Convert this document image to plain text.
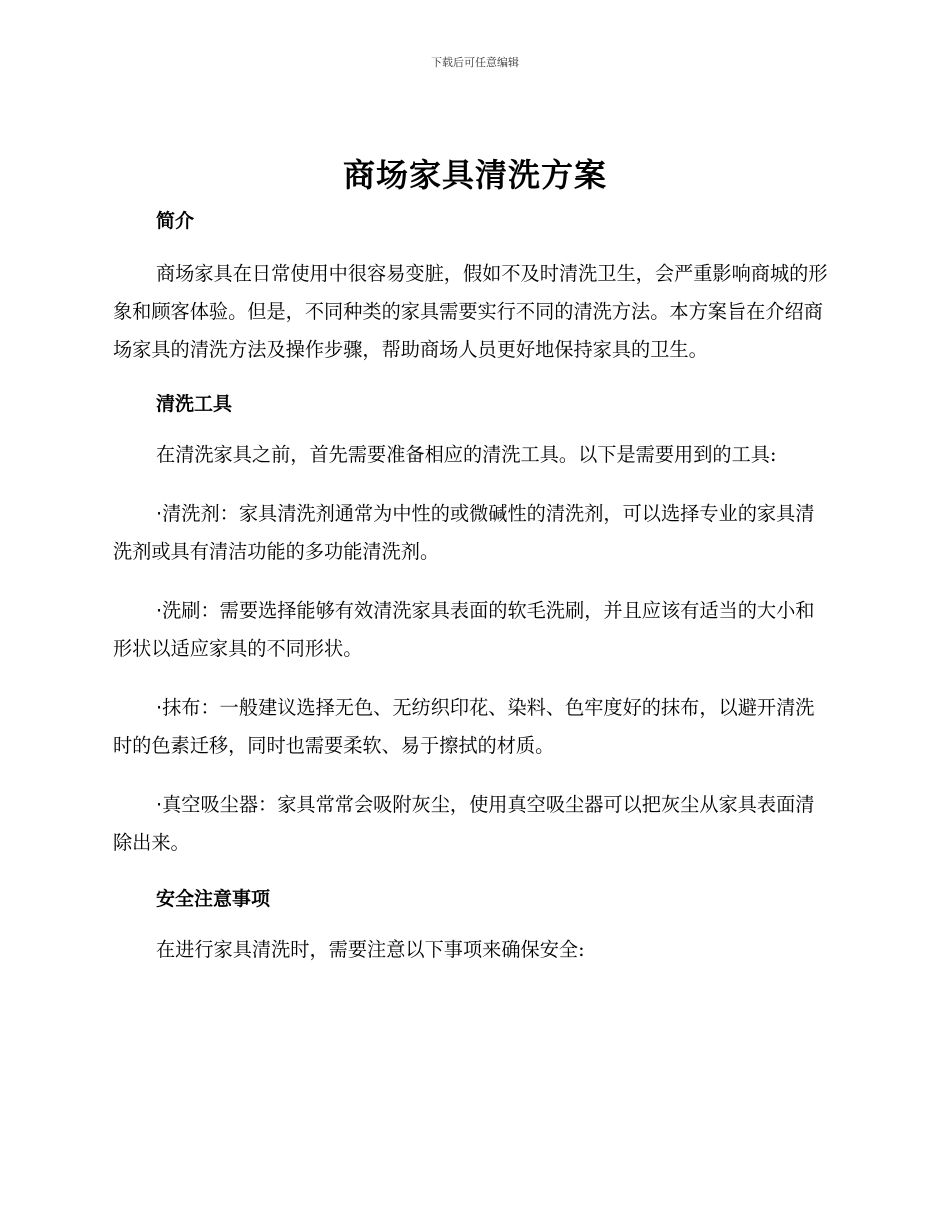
下载后可任意编辑
商场家具清洗方案

简介

商场家具在日常使用中很容易变脏，假如不及时清洗卫生，会严重影响商城的形象和顾客体验。但是，不同种类的家具需要实行不同的清洗方法。本方案旨在介绍商场家具的清洗方法及操作步骤，帮助商场人员更好地保持家具的卫生。

清洗工具

在清洗家具之前，首先需要准备相应的清洗工具。以下是需要用到的工具:

·清洗剂：家具清洗剂通常为中性的或微碱性的清洗剂，可以选择专业的家具清洗剂或具有清洁功能的多功能清洗剂。

·洗刷：需要选择能够有效清洗家具表面的软毛洗刷，并且应该有适当的大小和形状以适应家具的不同形状。

·抹布：一般建议选择无色、无纺织印花、染料、色牢度好的抹布，以避开清洗时的色素迁移，同时也需要柔软、易于擦拭的材质。

·真空吸尘器：家具常常会吸附灰尘，使用真空吸尘器可以把灰尘从家具表面清除出来。

安全注意事项

在进行家具清洗时，需要注意以下事项来确保安全:
